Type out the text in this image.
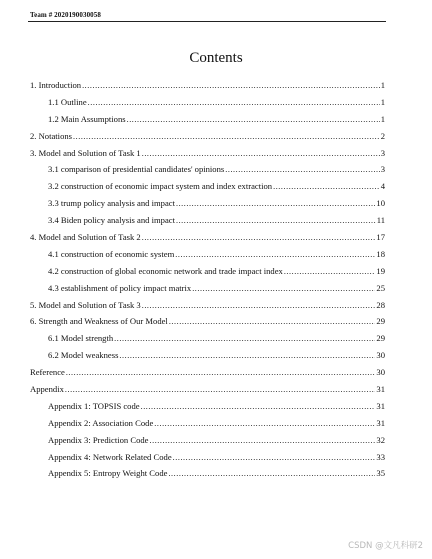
Team # 2020190030058
Contents
1. Introduction .....	1
1.1 Outline .....	1
1.2 Main Assumptions .....	1
2. Notations .....	2
3. Model and Solution of Task 1 .....	3
3.1 comparison of presidential candidates' opinions .....	3
3.2 construction of economic impact system and index extraction .....	4
3.3 trump policy analysis and impact .....	10
3.4 Biden policy analysis and impact .....	11
4. Model and Solution of Task 2 .....	17
4.1 construction of economic system .....	18
4.2 construction of global economic network and trade impact index .....	19
4.3 establishment of policy impact matrix .....	25
5. Model and Solution of Task 3 .....	28
6. Strength and Weakness of Our Model .....	29
6.1 Model strength .....	29
6.2 Model weakness .....	30
Reference .....	30
Appendix .....	31
Appendix 1: TOPSIS code .....	31
Appendix 2: Association Code .....	31
Appendix 3: Prediction Code .....	32
Appendix 4: Network Related Code .....	33
Appendix 5: Entropy Weight Code .....	35
CSDN @文凡科研2
